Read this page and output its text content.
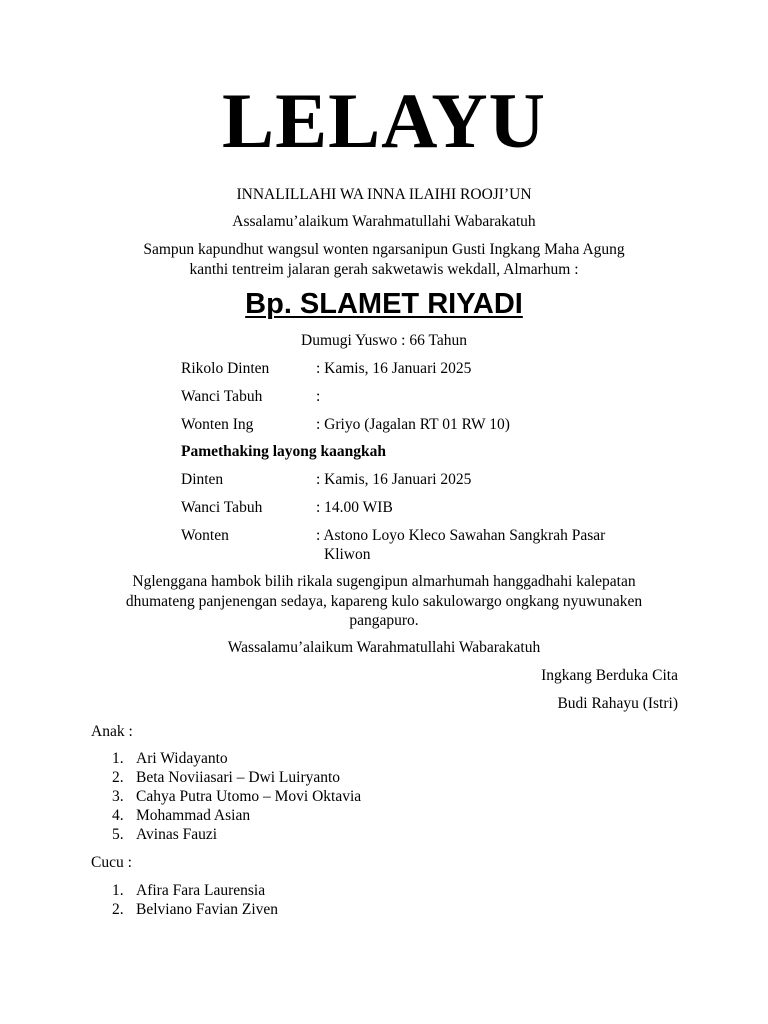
LELAYU
INNALILLAHI WA INNA ILAIHI ROOJI’UN
Assalamu’alaikum Warahmatullahi Wabarakatuh
Sampun kapundhut wangsul wonten ngarsanipun Gusti Ingkang Maha Agung
kanthi tentreim jalaran gerah sakwetawis wekdall, Almarhum :
Bp. SLAMET RIYADI
Dumugi Yuswo : 66 Tahun
Rikolo Dinten	: Kamis, 16 Januari 2025
Wanci Tabuh	:
Wonten Ing	: Griyo (Jagalan RT 01 RW 10)
Pamethaking layong kaangkah
Dinten	: Kamis, 16 Januari 2025
Wanci Tabuh	: 14.00 WIB
Wonten	: Astono Loyo Kleco Sawahan Sangkrah Pasar
Kliwon
Nglenggana hambok bilih rikala sugengipun almarhumah hanggadhahi kalepatan
dhumateng panjenengan sedaya, kapareng kulo sakulowargo ongkang nyuwunaken
pangapuro.
Wassalamu’alaikum Warahmatullahi Wabarakatuh
Ingkang Berduka Cita
Budi Rahayu (Istri)
Anak :
1. Ari Widayanto
2. Beta Noviiasari – Dwi Luiryanto
3. Cahya Putra Utomo – Movi Oktavia
4. Mohammad Asian
5. Avinas Fauzi
Cucu :
1. Afira Fara Laurensia
2. Belviano Favian Ziven
